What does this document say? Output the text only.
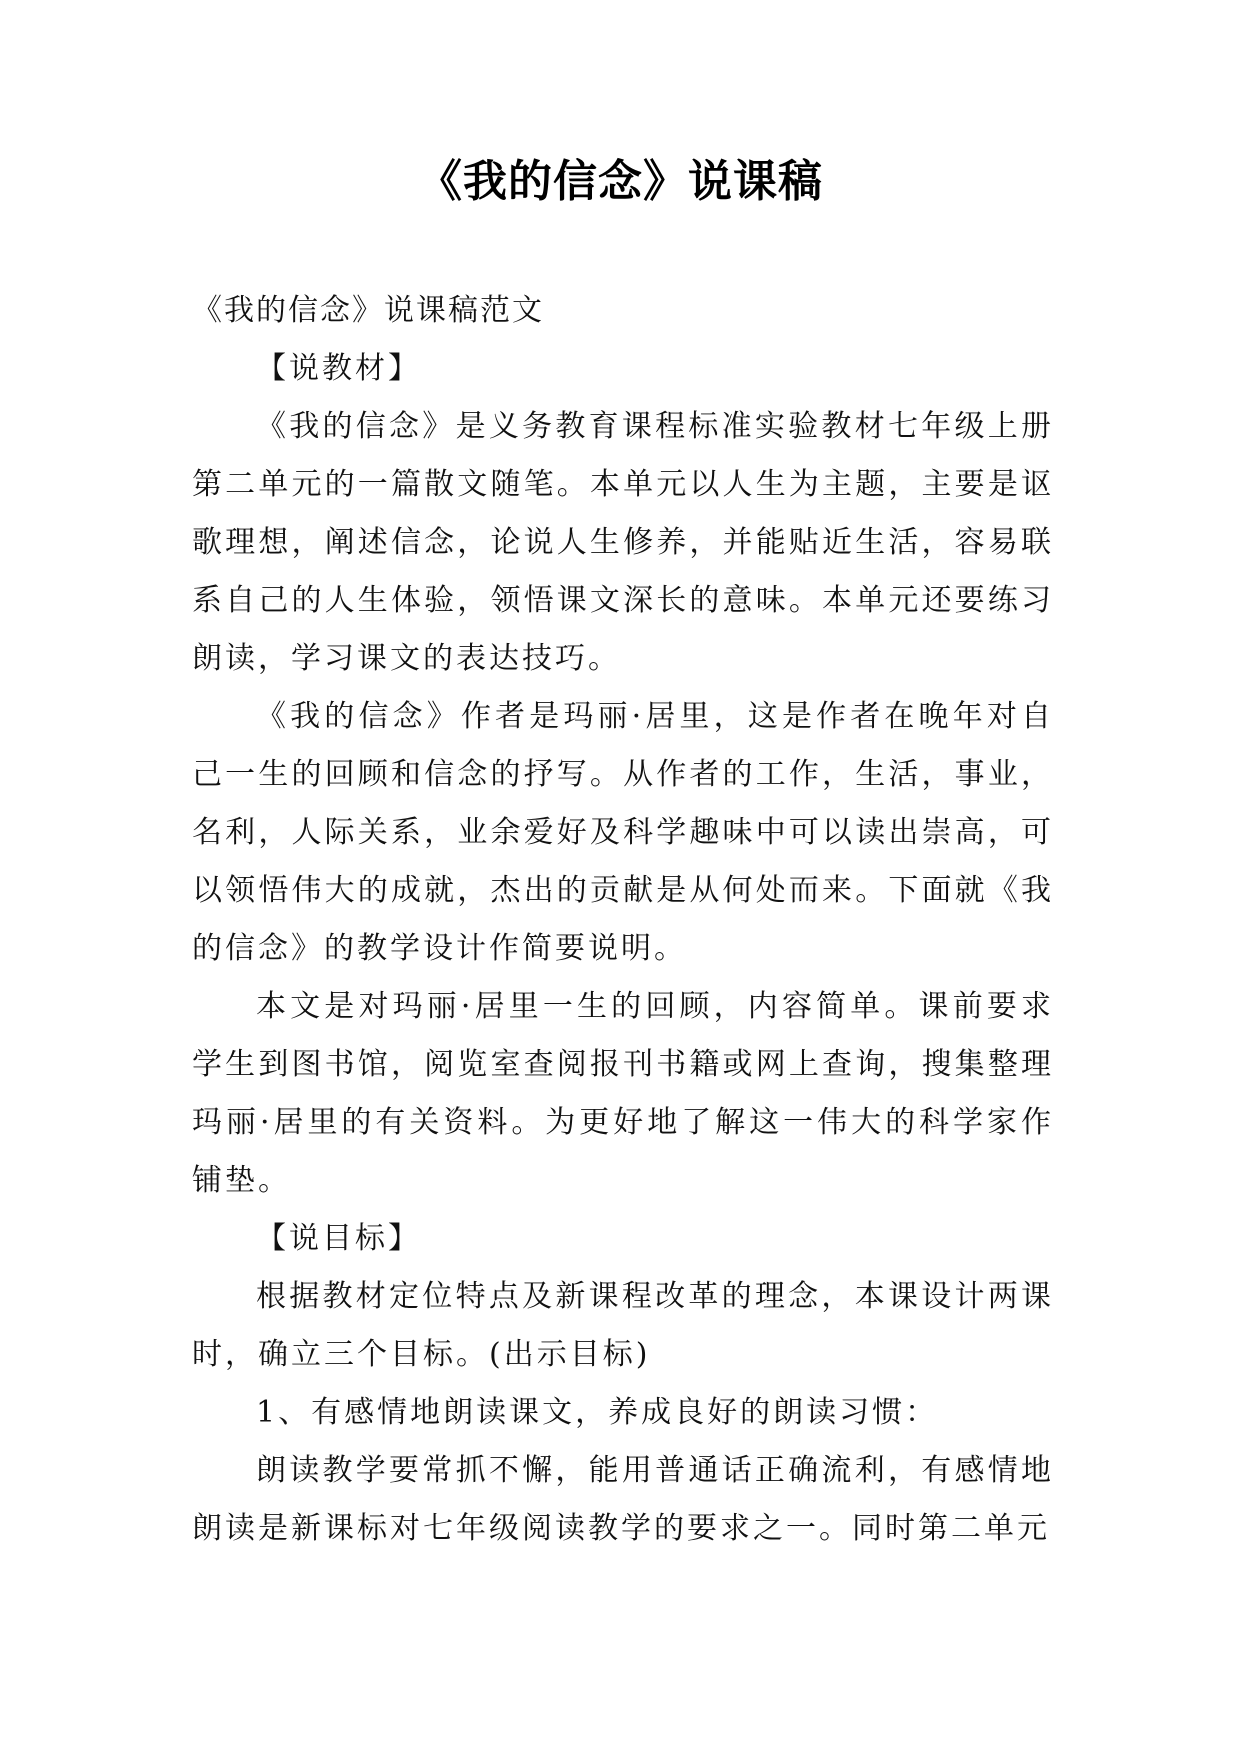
《我的信念》说课稿

《我的信念》说课稿范文

【说教材】

《我的信念》是义务教育课程标准实验教材七年级上册第二单元的一篇散文随笔。本单元以人生为主题，主要是讴歌理想，阐述信念，论说人生修养，并能贴近生活，容易联系自己的人生体验，领悟课文深长的意味。本单元还要练习朗读，学习课文的表达技巧。

《我的信念》作者是玛丽·居里，这是作者在晚年对自己一生的回顾和信念的抒写。从作者的工作，生活，事业，名利，人际关系，业余爱好及科学趣味中可以读出崇高，可以领悟伟大的成就，杰出的贡献是从何处而来。下面就《我的信念》的教学设计作简要说明。

本文是对玛丽·居里一生的回顾，内容简单。课前要求学生到图书馆，阅览室查阅报刊书籍或网上查询，搜集整理玛丽·居里的有关资料。为更好地了解这一伟大的科学家作铺垫。

【说目标】

根据教材定位特点及新课程改革的理念，本课设计两课时，确立三个目标。(出示目标)

1、有感情地朗读课文，养成良好的朗读习惯：

朗读教学要常抓不懈，能用普通话正确流利，有感情地朗读是新课标对七年级阅读教学的要求之一。同时第二单元
